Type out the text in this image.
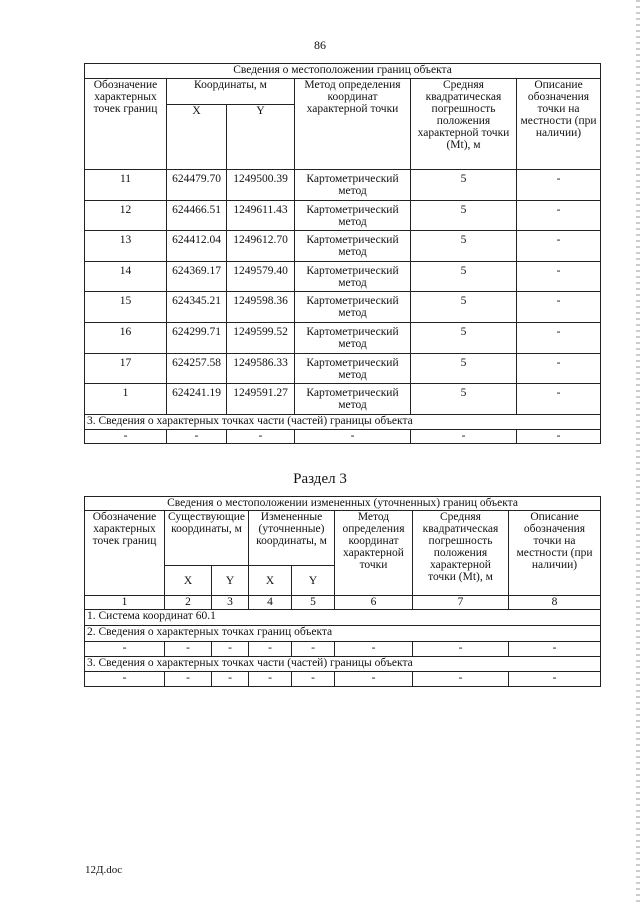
86
Сведения о местоположении границ объекта					
Обозначение характерных точек границ	Координаты, м		Метод определения координат характерной точки	Средняя квадратическая погрешность положения характерной точки (Mt), м	Описание обозначения точки на местности (при наличии)
	X	Y			
11	624479.70	1249500.39	Картометрический метод	5	-
12	624466.51	1249611.43	Картометрический метод	5	-
13	624412.04	1249612.70	Картометрический метод	5	-
14	624369.17	1249579.40	Картометрический метод	5	-
15	624345.21	1249598.36	Картометрический метод	5	-
16	624299.71	1249599.52	Картометрический метод	5	-
17	624257.58	1249586.33	Картометрический метод	5	-
1	624241.19	1249591.27	Картометрический метод	5	-
3. Сведения о характерных точках части (частей) границы объекта					
-	-	-	-	-	-
Раздел 3
Сведения о местоположении измененных (уточненных) границ объекта							
Обозначение характерных точек границ	Существующие координаты, м		Измененные (уточненные) координаты, м		Метод определения координат характерной точки	Средняя квадратическая погрешность положения характерной точки (Mt), м	Описание обозначения точки на местности (при наличии)
	X	Y	X	Y			
1	2	3	4	5	6	7	8
1. Система координат 60.1							
2. Сведения о характерных точках границ объекта							
-	-	-	-	-	-	-	-
3. Сведения о характерных точках части (частей) границы объекта							
-	-	-	-	-	-	-	-
12Д.doc
